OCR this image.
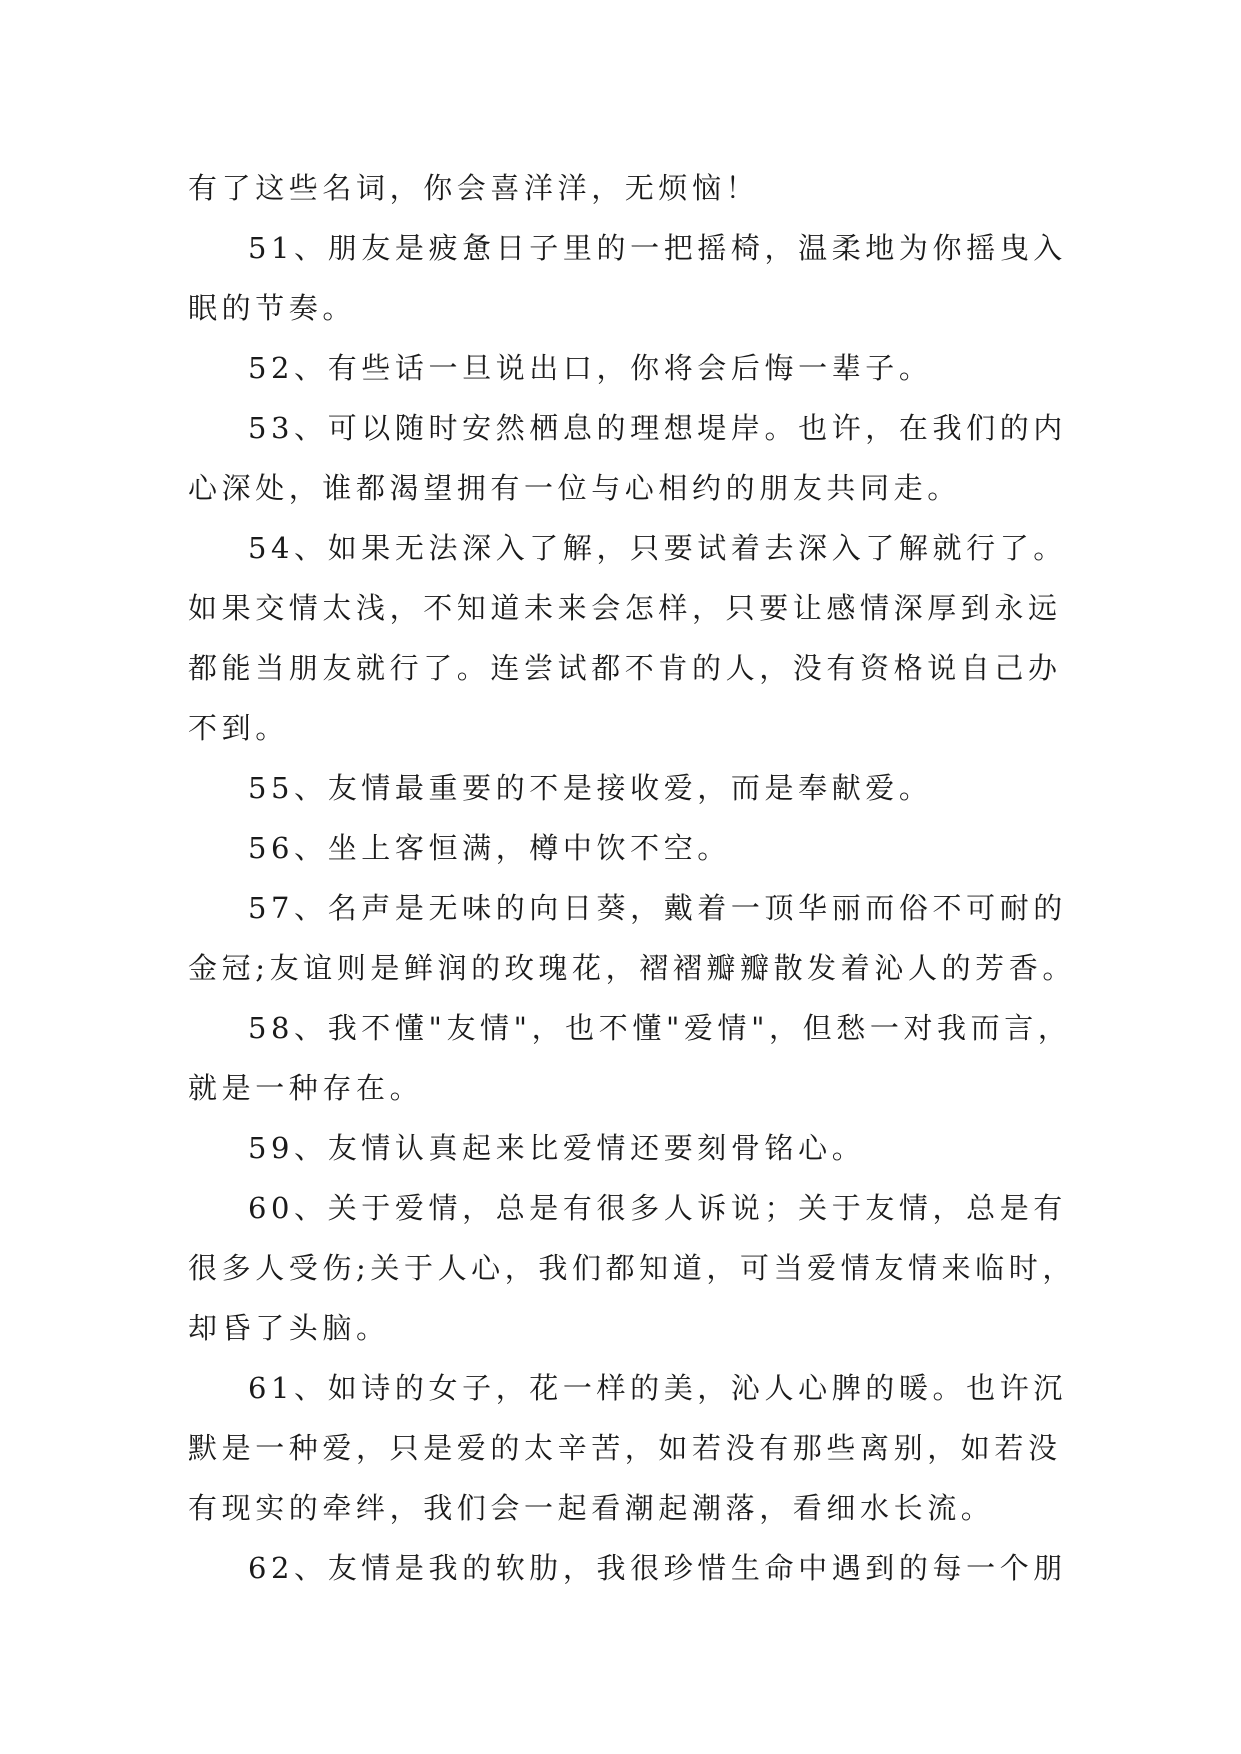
有了这些名词，你会喜洋洋，无烦恼！
51、朋友是疲惫日子里的一把摇椅，温柔地为你摇曳入
眠的节奏。
52、有些话一旦说出口，你将会后悔一辈子。
53、可以随时安然栖息的理想堤岸。也许，在我们的内
心深处，谁都渴望拥有一位与心相约的朋友共同走。
54、如果无法深入了解，只要试着去深入了解就行了。
如果交情太浅，不知道未来会怎样，只要让感情深厚到永远
都能当朋友就行了。连尝试都不肯的人，没有资格说自己办
不到。
55、友情最重要的不是接收爱，而是奉献爱。
56、坐上客恒满，樽中饮不空。
57、名声是无味的向日葵，戴着一顶华丽而俗不可耐的
金冠;友谊则是鲜润的玫瑰花，褶褶瓣瓣散发着沁人的芳香。
58、我不懂"友情"，也不懂"爱情"，但愁一对我而言，
就是一种存在。
59、友情认真起来比爱情还要刻骨铭心。
60、关于爱情，总是有很多人诉说；关于友情，总是有
很多人受伤;关于人心，我们都知道，可当爱情友情来临时，
却昏了头脑。
61、如诗的女子，花一样的美，沁人心脾的暖。也许沉
默是一种爱，只是爱的太辛苦，如若没有那些离别，如若没
有现实的牵绊，我们会一起看潮起潮落，看细水长流。
62、友情是我的软肋，我很珍惜生命中遇到的每一个朋
